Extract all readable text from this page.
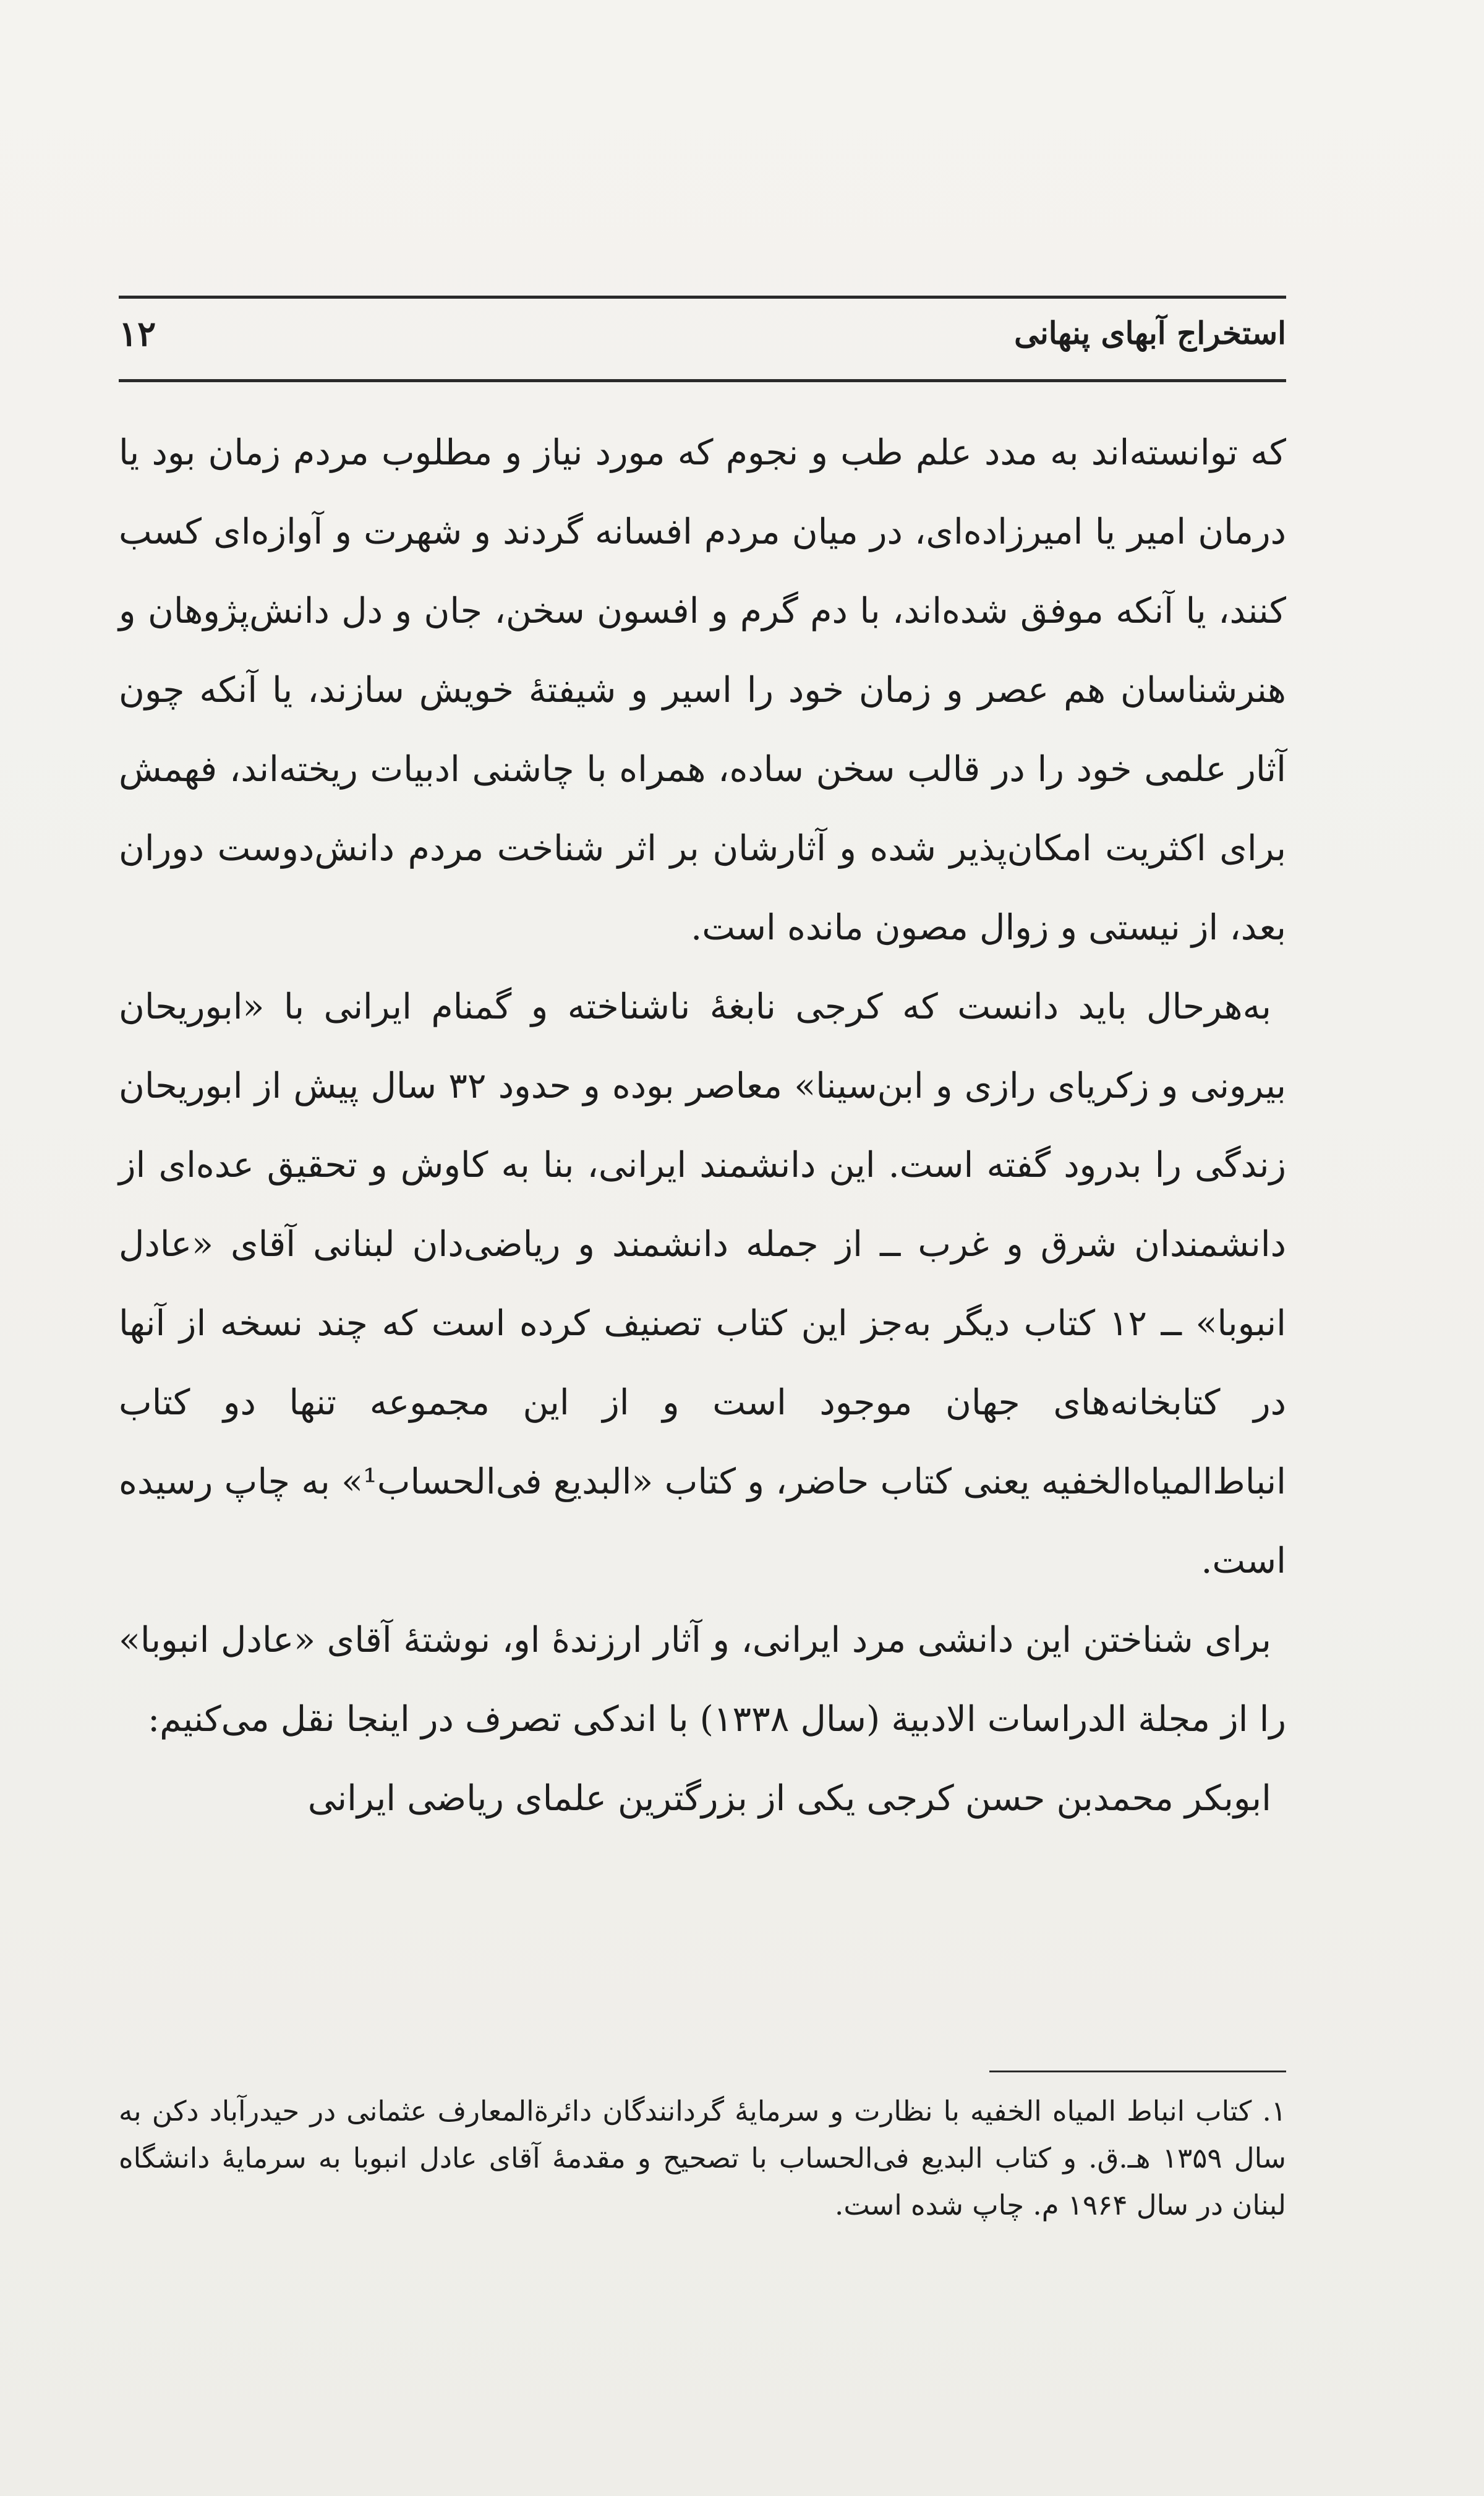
استخراج آبهای پنهانی
۱۲

که توانسته‌اند به مدد علم طب و نجوم که مورد نیاز و مطلوب مردم زمان بود یا درمان امیر یا امیرزاده‌ای، در میان مردم افسانه گردند و شهرت و آوازه‌ای کسب کنند، یا آنکه موفق شده‌اند، با دم گرم و افسون سخن، جان و دل دانش‌پژوهان و هنرشناسان هم عصر و زمان خود را اسیر و شیفتهٔ خویش سازند، یا آنکه چون آثار علمی خود را در قالب سخن ساده، همراه با چاشنی ادبیات ریخته‌اند، فهمش برای اکثریت امکان‌پذیر شده و آثارشان بر اثر شناخت مردم دانش‌دوست دوران بعد، از نیستی و زوال مصون مانده است.

به‌هرحال باید دانست که کرجی نابغهٔ ناشناخته و گمنام ایرانی با «ابوریحان بیرونی و زکریای رازی و ابن‌سینا» معاصر بوده و حدود ۳۲ سال پیش از ابوریحان زندگی را بدرود گفته است. این دانشمند ایرانی، بنا به کاوش و تحقیق عده‌ای از دانشمندان شرق و غرب ــ از جمله دانشمند و ریاضی‌دان لبنانی آقای «عادل انبوبا» ــ ۱۲ کتاب دیگر به‌جز این کتاب تصنیف کرده است که چند نسخه از آنها در کتابخانه‌های جهان موجود است و از این مجموعه تنها دو کتاب انباط‌المیاه‌الخفیه یعنی کتاب حاضر، و کتاب «البدیع فی‌الحساب¹» به چاپ رسیده است.

برای شناختن این دانشی مرد ایرانی، و آثار ارزندهٔ او، نوشتهٔ آقای «عادل انبوبا» را از مجلة الدراسات الادبیة (سال ۱۳۳۸) با اندکی تصرف در اینجا نقل می‌کنیم:

ابوبکر محمدبن حسن کرجی یکی از بزرگترین علمای ریاضی ایرانی

۱. کتاب انباط المیاه الخفیه با نظارت و سرمایهٔ گردانندگان دائرةالمعارف عثمانی در حیدرآباد دکن به سال ۱۳۵۹ هـ.ق. و کتاب البدیع فی‌الحساب با تصحیح و مقدمهٔ آقای عادل انبوبا به سرمایهٔ دانشگاه لبنان در سال ۱۹۶۴ م. چاپ شده است.
